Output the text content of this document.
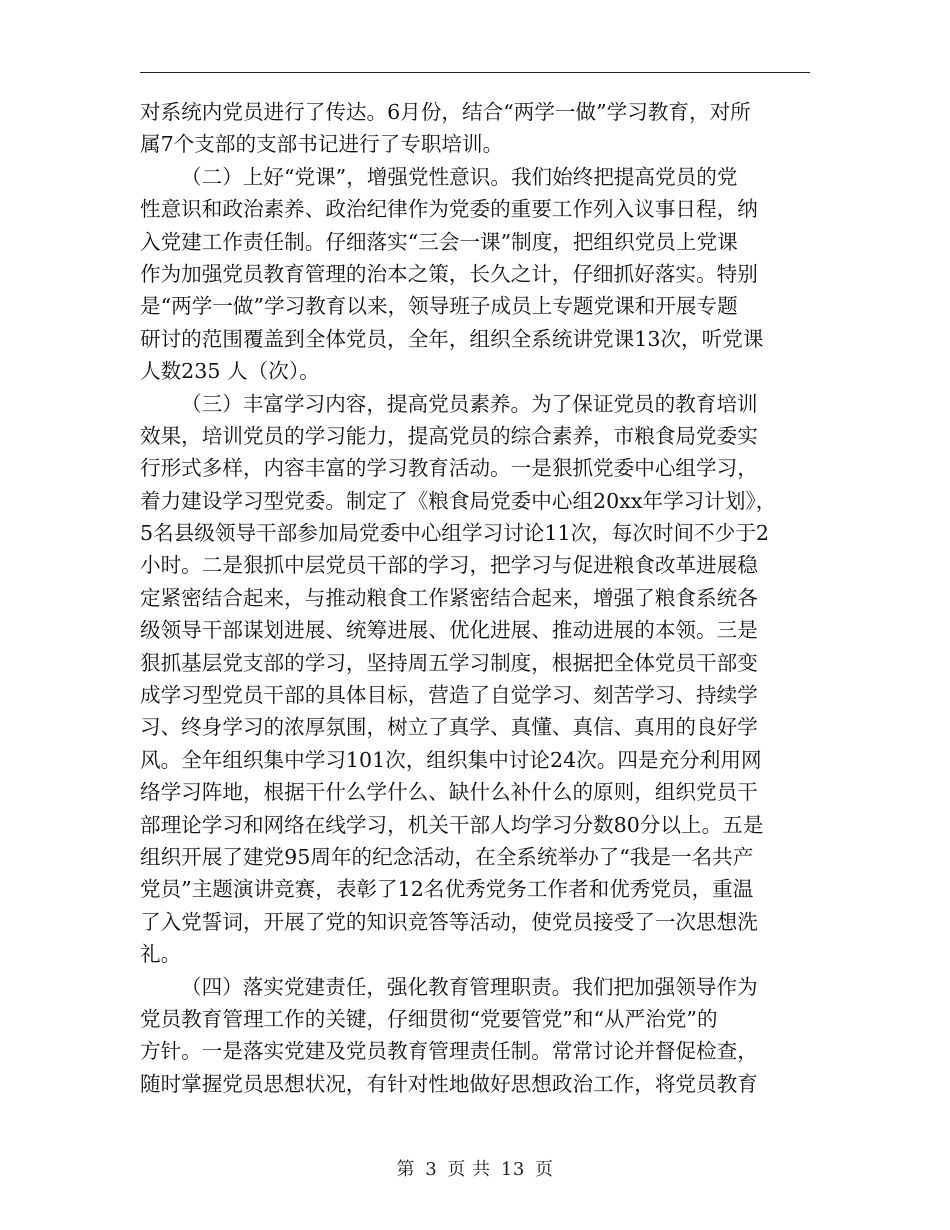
对系统内党员进行了传达。6月份，结合“两学一做”学习教育，对所
属7个支部的支部书记进行了专职培训。
（二）上好“党课”，增强党性意识。我们始终把提高党员的党
性意识和政治素养、政治纪律作为党委的重要工作列入议事日程，纳
入党建工作责任制。仔细落实“三会一课”制度，把组织党员上党课
作为加强党员教育管理的治本之策，长久之计，仔细抓好落实。特别
是“两学一做”学习教育以来，领导班子成员上专题党课和开展专题
研讨的范围覆盖到全体党员，全年，组织全系统讲党课13次，听党课
人数235 人（次）。
（三）丰富学习内容，提高党员素养。为了保证党员的教育培训
效果，培训党员的学习能力，提高党员的综合素养，市粮食局党委实
行形式多样，内容丰富的学习教育活动。一是狠抓党委中心组学习，
着力建设学习型党委。制定了《粮食局党委中心组20xx年学习计划》，
5名县级领导干部参加局党委中心组学习讨论11次，每次时间不少于2
小时。二是狠抓中层党员干部的学习，把学习与促进粮食改革进展稳
定紧密结合起来，与推动粮食工作紧密结合起来，增强了粮食系统各
级领导干部谋划进展、统筹进展、优化进展、推动进展的本领。三是
狠抓基层党支部的学习，坚持周五学习制度，根据把全体党员干部变
成学习型党员干部的具体目标，营造了自觉学习、刻苦学习、持续学
习、终身学习的浓厚氛围，树立了真学、真懂、真信、真用的良好学
风。全年组织集中学习101次，组织集中讨论24次。四是充分利用网
络学习阵地，根据干什么学什么、缺什么补什么的原则，组织党员干
部理论学习和网络在线学习，机关干部人均学习分数80分以上。五是
组织开展了建党95周年的纪念活动，在全系统举办了“我是一名共产
党员”主题演讲竞赛，表彰了12名优秀党务工作者和优秀党员，重温
了入党誓词，开展了党的知识竞答等活动，使党员接受了一次思想洗
礼。
（四）落实党建责任，强化教育管理职责。我们把加强领导作为
党员教育管理工作的关键，仔细贯彻“党要管党”和“从严治党”的
方针。一是落实党建及党员教育管理责任制。常常讨论并督促检查，
随时掌握党员思想状况，有针对性地做好思想政治工作，将党员教育
第 3 页 共 13 页
